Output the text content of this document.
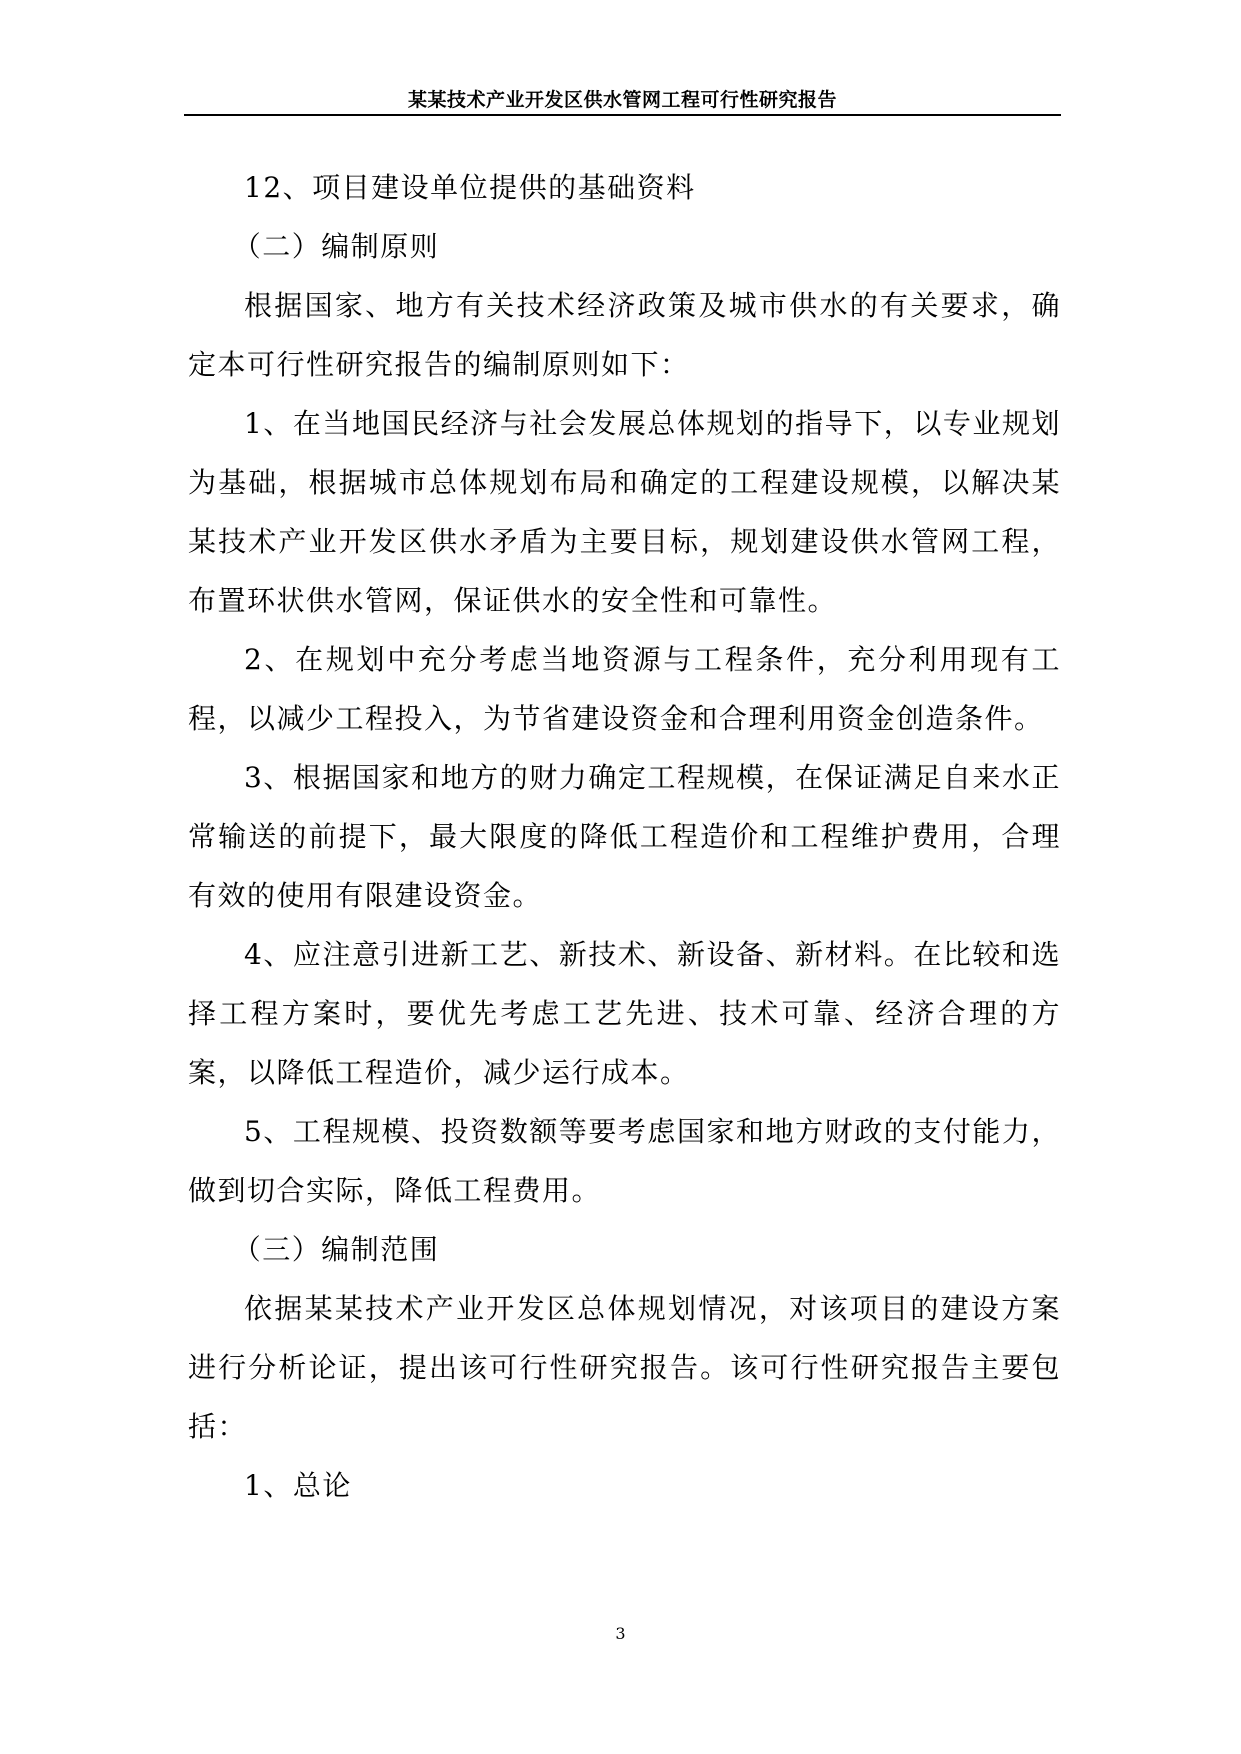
某某技术产业开发区供水管网工程可行性研究报告

12、项目建设单位提供的基础资料

（二）编制原则

根据国家、地方有关技术经济政策及城市供水的有关要求，确定本可行性研究报告的编制原则如下：

1、在当地国民经济与社会发展总体规划的指导下，以专业规划为基础，根据城市总体规划布局和确定的工程建设规模，以解决某某技术产业开发区供水矛盾为主要目标，规划建设供水管网工程，布置环状供水管网，保证供水的安全性和可靠性。

2、在规划中充分考虑当地资源与工程条件，充分利用现有工程，以减少工程投入，为节省建设资金和合理利用资金创造条件。

3、根据国家和地方的财力确定工程规模，在保证满足自来水正常输送的前提下，最大限度的降低工程造价和工程维护费用，合理有效的使用有限建设资金。

4、应注意引进新工艺、新技术、新设备、新材料。在比较和选择工程方案时，要优先考虑工艺先进、技术可靠、经济合理的方案，以降低工程造价，减少运行成本。

5、工程规模、投资数额等要考虑国家和地方财政的支付能力，做到切合实际，降低工程费用。

（三）编制范围

依据某某技术产业开发区总体规划情况，对该项目的建设方案进行分析论证，提出该可行性研究报告。该可行性研究报告主要包括：

1、总论

3
